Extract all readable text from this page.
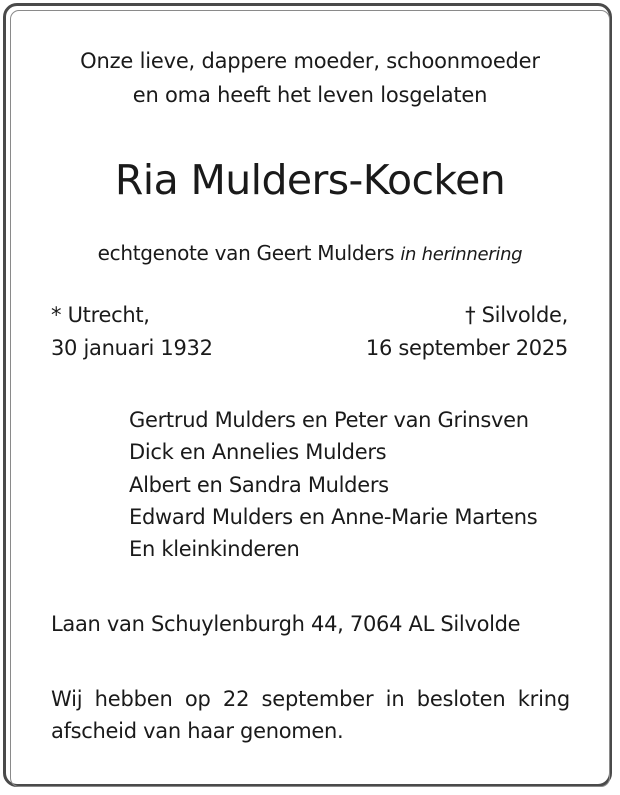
Onze lieve, dappere moeder, schoonmoeder
en oma heeft het leven losgelaten
Ria Mulders-Kocken
echtgenote van Geert Mulders in herinnering
* Utrecht,
30 januari 1932
† Silvolde,
16 september 2025
Gertrud Mulders en Peter van Grinsven
Dick en Annelies Mulders
Albert en Sandra Mulders
Edward Mulders en Anne-Marie Martens
En kleinkinderen
Laan van Schuylenburgh 44, 7064 AL Silvolde
Wij hebben op 22 september in besloten kring
afscheid van haar genomen.
